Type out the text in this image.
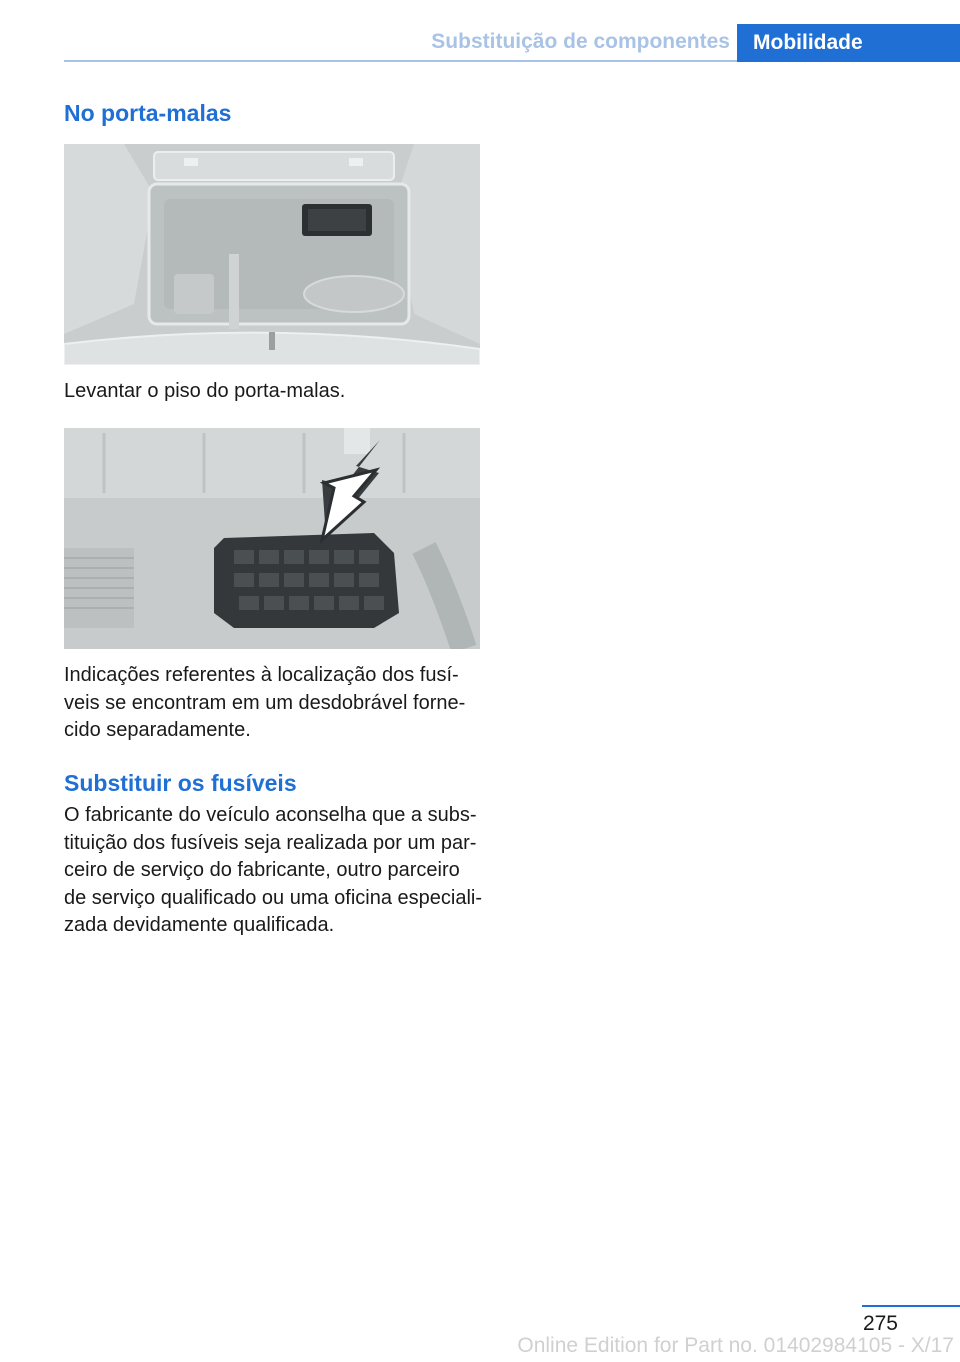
Substituição de componentes	Mobilidade
No porta-malas

Levantar o piso do porta-malas.

Indicações referentes à localização dos fusí-
veis se encontram em um desdobrável forne-
cido separadamente.

Substituir os fusíveis

O fabricante do veículo aconselha que a subs-
tituição dos fusíveis seja realizada por um par-
ceiro de serviço do fabricante, outro parceiro
de serviço qualificado ou uma oficina especiali-
zada devidamente qualificada.

275
Online Edition for Part no. 01402984105 - X/17
